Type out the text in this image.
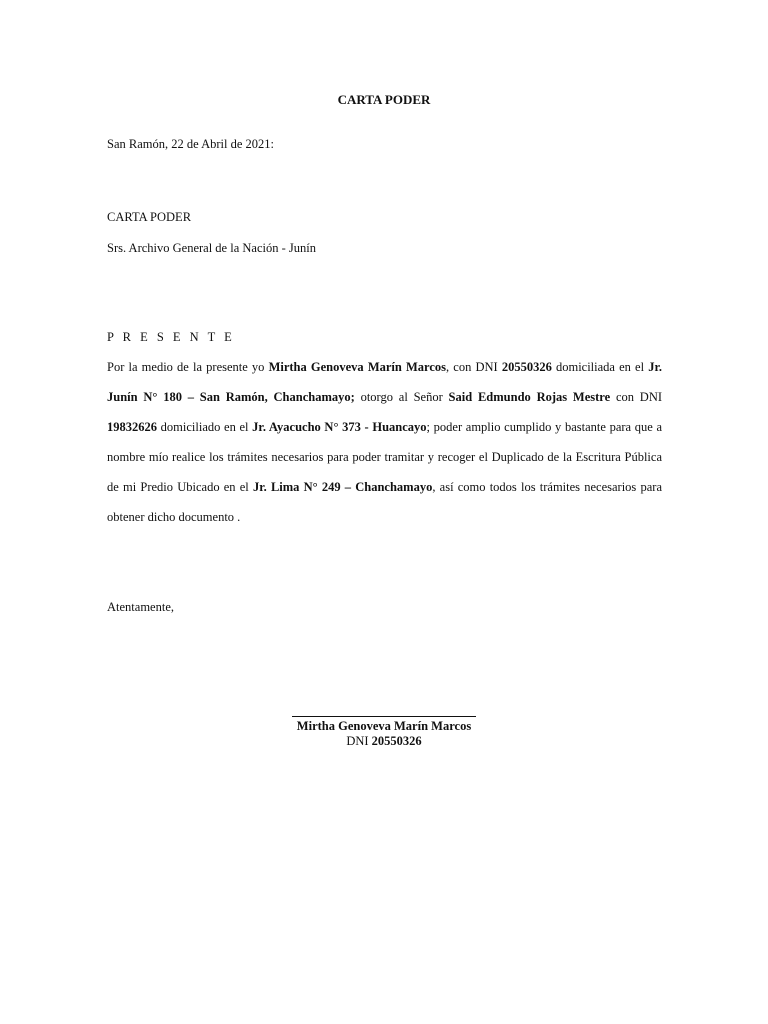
CARTA PODER
San Ramón, 22 de Abril de 2021:
CARTA PODER
Srs. Archivo General de la Nación - Junín
P R E S E N T E
Por la medio de la presente yo Mirtha Genoveva Marín Marcos, con DNI 20550326 domiciliada en el Jr. Junín N° 180 – San Ramón, Chanchamayo; otorgo al Señor Said Edmundo Rojas Mestre con DNI 19832626 domiciliado en el Jr. Ayacucho N° 373 - Huancayo; poder amplio cumplido y bastante para que a nombre mío realice los trámites necesarios para poder tramitar y recoger el Duplicado de la Escritura Pública de mi Predio Ubicado en el Jr. Lima N° 249 – Chanchamayo, así como todos los trámites necesarios para obtener dicho documento .
Atentamente,
Mirtha Genoveva Marín Marcos
DNI 20550326
